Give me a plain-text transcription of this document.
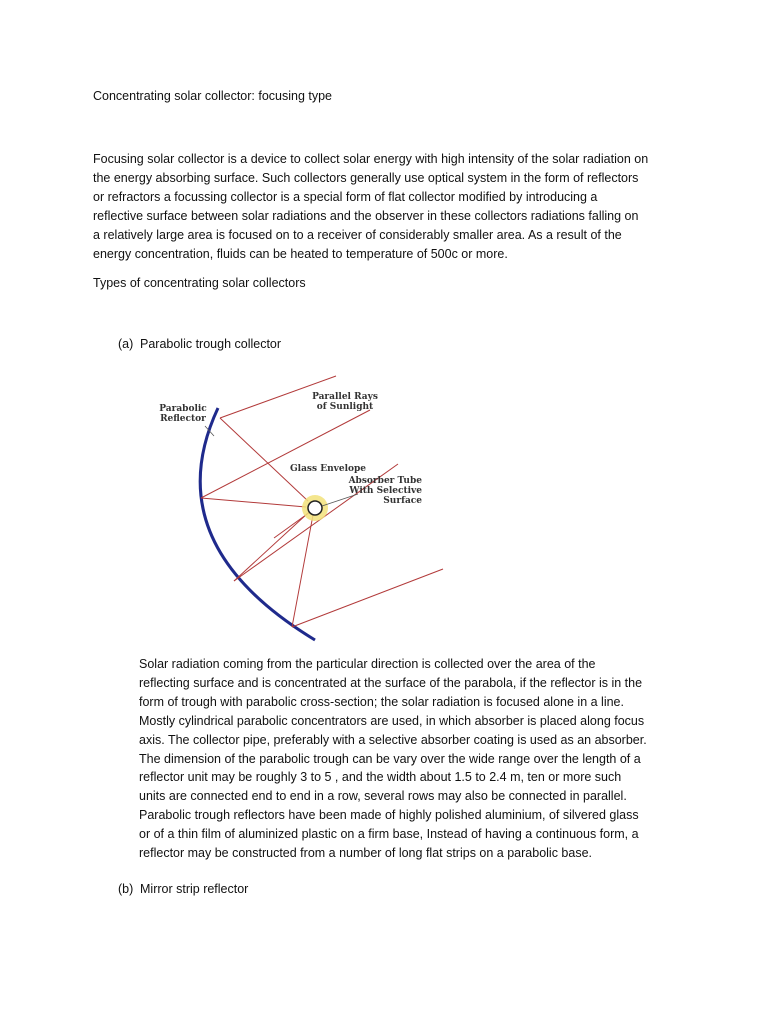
Concentrating solar collector: focusing type
Focusing solar collector is a device to collect solar energy with high intensity of the solar radiation on
the energy absorbing surface. Such collectors generally use optical system in the form of reflectors
or refractors a focussing collector is a special form of flat collector modified by introducing a
reflective surface between solar radiations and the observer in these collectors radiations falling on
a relatively large area is focused on to a receiver of considerably smaller area. As a result of the
energy concentration, fluids can be heated to temperature of 500c or more.
Types of concentrating solar collectors
(a) Parabolic trough collector
Parabolic
Reflector
Parallel Rays
of Sunlight
Glass Envelope
Absorber Tube
With Selective
Surface
Solar radiation coming from the particular direction is collected over the area of the
reflecting surface and is concentrated at the surface of the parabola, if the reflector is in the
form of trough with parabolic cross-section; the solar radiation is focused alone in a line.
Mostly cylindrical parabolic concentrators are used, in which absorber is placed along focus
axis. The collector pipe, preferably with a selective absorber coating is used as an absorber.
The dimension of the parabolic trough can be vary over the wide range over the length of a
reflector unit may be roughly 3 to 5 , and the width about 1.5 to 2.4 m, ten or more such
units are connected end to end in a row, several rows may also be connected in parallel.
Parabolic trough reflectors have been made of highly polished aluminium, of silvered glass
or of a thin film of aluminized plastic on a firm base, Instead of having a continuous form, a
reflector may be constructed from a number of long flat strips on a parabolic base.
(b) Mirror strip reflector
